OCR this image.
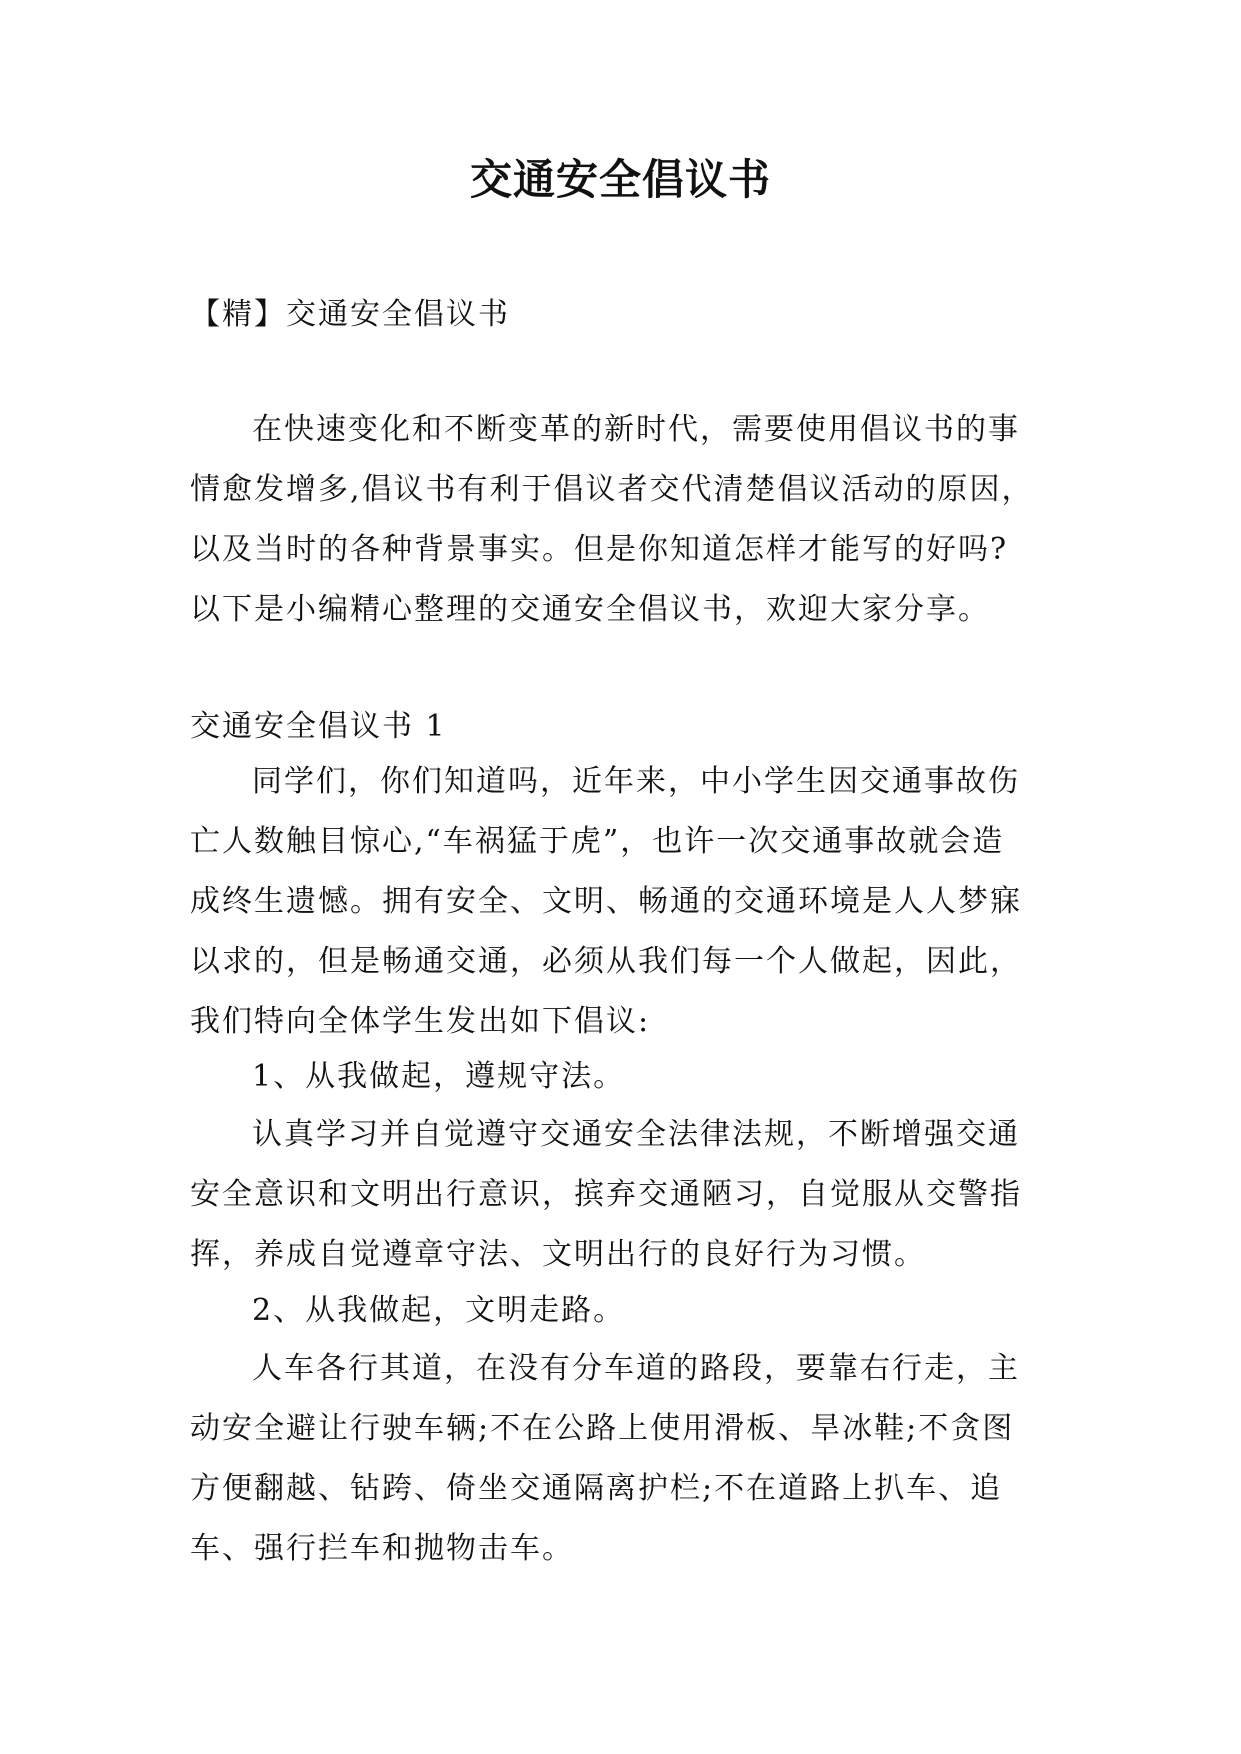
交通安全倡议书

【精】交通安全倡议书

在快速变化和不断变革的新时代，需要使用倡议书的事
情愈发增多,倡议书有利于倡议者交代清楚倡议活动的原因，
以及当时的各种背景事实。但是你知道怎样才能写的好吗?
以下是小编精心整理的交通安全倡议书，欢迎大家分享。

交通安全倡议书 1

同学们，你们知道吗，近年来，中小学生因交通事故伤
亡人数触目惊心,“车祸猛于虎”，也许一次交通事故就会造
成终生遗憾。拥有安全、文明、畅通的交通环境是人人梦寐
以求的，但是畅通交通，必须从我们每一个人做起，因此，
我们特向全体学生发出如下倡议:

1、从我做起，遵规守法。

认真学习并自觉遵守交通安全法律法规，不断增强交通
安全意识和文明出行意识，摈弃交通陋习，自觉服从交警指
挥，养成自觉遵章守法、文明出行的良好行为习惯。

2、从我做起，文明走路。

人车各行其道，在没有分车道的路段，要靠右行走，主
动安全避让行驶车辆;不在公路上使用滑板、旱冰鞋;不贪图
方便翻越、钻跨、倚坐交通隔离护栏;不在道路上扒车、追
车、强行拦车和抛物击车。
